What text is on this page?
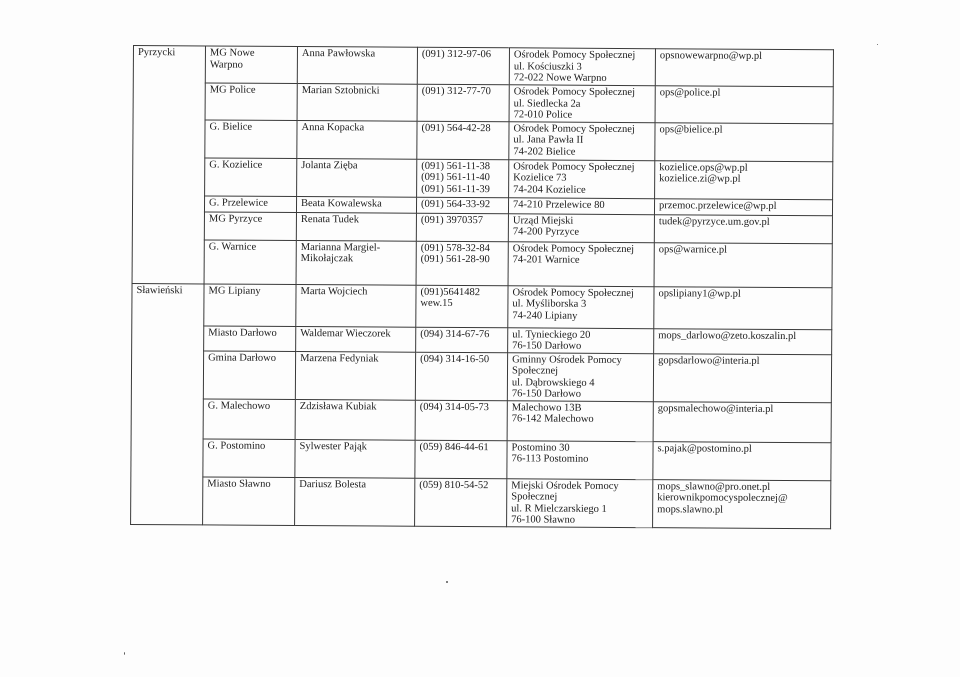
Pyrzycki	MG Nowe
Warpno	Anna Pawłowska	(091) 312-97-06	Ośrodek Pomocy Społecznej
ul. Kościuszki 3
72-022 Nowe Warpno	opsnowewarpno@wp.pl

	MG Police	Marian Sztobnicki	(091) 312-77-70	Ośrodek Pomocy Społecznej
ul. Siedlecka 2a
72-010 Police	ops@police.pl

	G. Bielice	Anna Kopacka	(091) 564-42-28	Ośrodek Pomocy Społecznej
ul. Jana Pawła II
74-202 Bielice	ops@bielice.pl

	G. Kozielice	Jolanta Zięba	(091) 561-11-38
(091) 561-11-40
(091) 561-11-39	Ośrodek Pomocy Społecznej
Kozielice 73
74-204 Kozielice	kozielice.ops@wp.pl
kozielice.zi@wp.pl

	G. Przelewice	Beata Kowalewska	(091) 564-33-92	74-210 Przelewice 80	przemoc.przelewice@wp.pl

	MG Pyrzyce	Renata Tudek	(091) 3970357	Urząd Miejski
74-200 Pyrzyce	tudek@pyrzyce.um.gov.pl

	G. Warnice	Marianna Margiel-
Mikołajczak	(091) 578-32-84
(091) 561-28-90	Ośrodek Pomocy Społecznej
74-201 Warnice	ops@warnice.pl

Sławieński	MG Lipiany	Marta Wojciech	(091)5641482
wew.15	Ośrodek Pomocy Społecznej
ul. Myśliborska 3
74-240 Lipiany	opslipiany1@wp.pl

	Miasto Darłowo	Waldemar Wieczorek	(094) 314-67-76	ul. Tynieckiego 20
76-150 Darłowo	mops_darlowo@zeto.koszalin.pl

	Gmina Darłowo	Marzena Fedyniak	(094) 314-16-50	Gminny Ośrodek Pomocy
Społecznej
ul. Dąbrowskiego 4
76-150 Darłowo	gopsdarlowo@interia.pl

	G. Malechowo	Zdzisława Kubiak	(094) 314-05-73	Malechowo 13B
76-142 Malechowo	gopsmalechowo@interia.pl

	G. Postomino	Sylwester Pająk	(059) 846-44-61	Postomino 30
76-113 Postomino	s.pajak@postomino.pl

	Miasto Sławno	Dariusz Bolesta	(059) 810-54-52	Miejski Ośrodek Pomocy
Społecznej
ul. R Mielczarskiego 1
76-100 Sławno	mops_slawno@pro.onet.pl
kierownikpomocyspolecznej@
mops.slawno.pl
